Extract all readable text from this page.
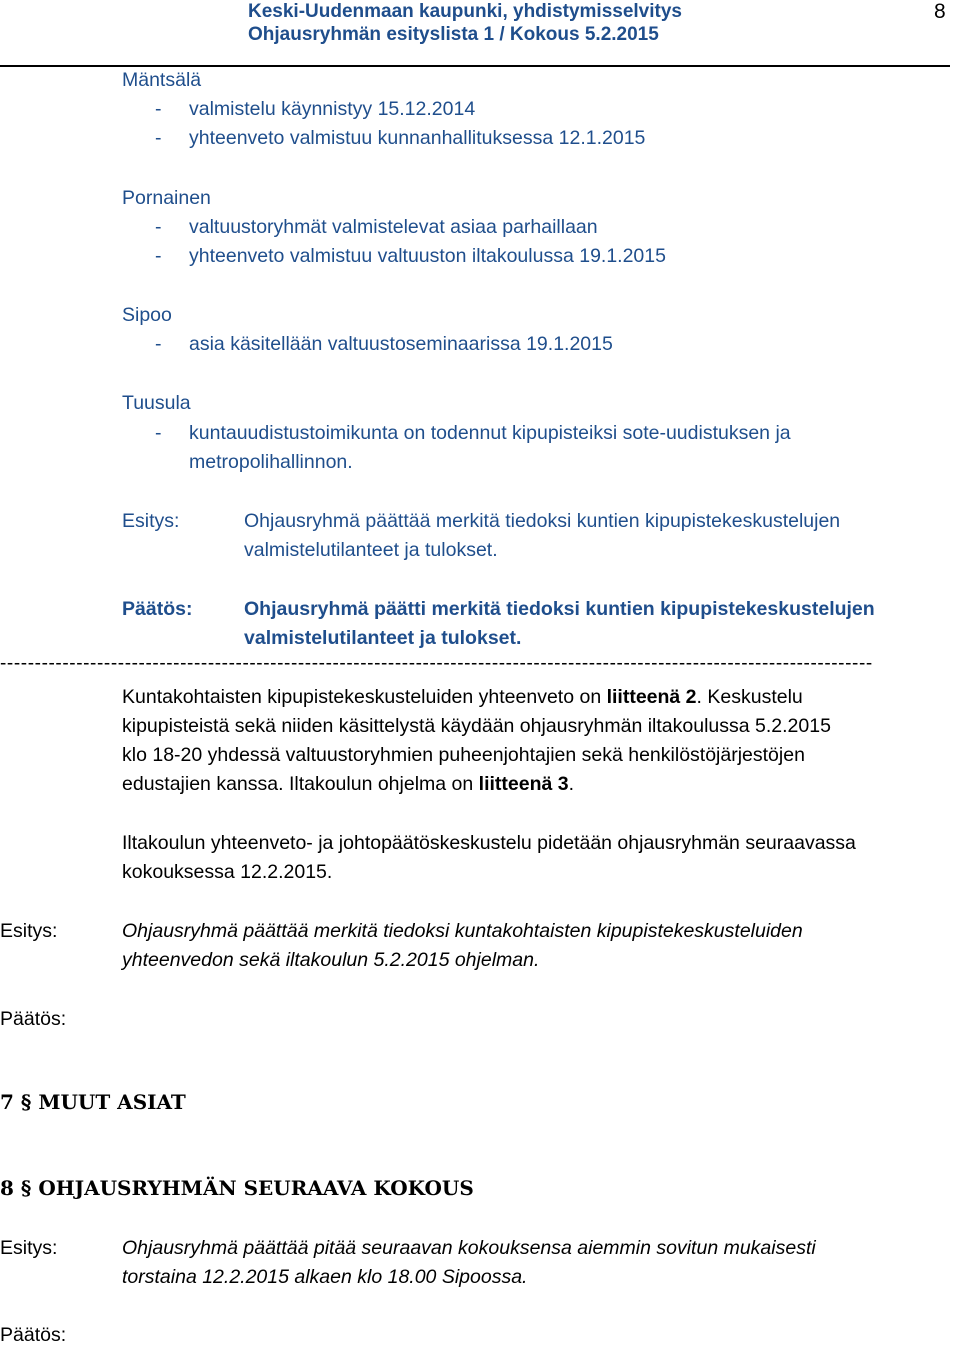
Keski-Uudenmaan kaupunki, yhdistymisselvitys
Ohjausryhmän esityslista 1 / Kokous 5.2.2015
8
Mäntsälä
- valmistelu käynnistyy 15.12.2014
- yhteenveto valmistuu kunnanhallituksessa 12.1.2015
Pornainen
- valtuustoryhmät valmistelevat asiaa parhaillaan
- yhteenveto valmistuu valtuuston iltakoulussa 19.1.2015
Sipoo
- asia käsitellään valtuustoseminaarissa 19.1.2015
Tuusula
- kuntauudistustoimikunta on todennut kipupisteiksi sote-uudistuksen ja
metropolihallinnon.
Esitys:	Ohjausryhmä päättää merkitä tiedoksi kuntien kipupistekeskustelujen
valmistelutilanteet ja tulokset.
Päätös:	Ohjausryhmä päätti merkitä tiedoksi kuntien kipupistekeskustelujen
valmistelutilanteet ja tulokset.
------------------------------------------------------------------------------------------------------------------------------
Kuntakohtaisten kipupistekeskusteluiden yhteenveto on liitteenä 2. Keskustelu
kipupisteistä sekä niiden käsittelystä käydään ohjausryhmän iltakoulussa 5.2.2015
klo 18-20 yhdessä valtuustoryhmien puheenjohtajien sekä henkilöstöjärjestöjen
edustajien kanssa. Iltakoulun ohjelma on liitteenä 3.
Iltakoulun yhteenveto- ja johtopäätöskeskustelu pidetään ohjausryhmän seuraavassa
kokouksessa 12.2.2015.
Esitys:	Ohjausryhmä päättää merkitä tiedoksi kuntakohtaisten kipupistekeskusteluiden
yhteenvedon sekä iltakoulun 5.2.2015 ohjelman.
Päätös:
7 § MUUT ASIAT
8 § OHJAUSRYHMÄN SEURAAVA KOKOUS
Esitys:	Ohjausryhmä päättää pitää seuraavan kokouksensa aiemmin sovitun mukaisesti
torstaina 12.2.2015 alkaen klo 18.00 Sipoossa.
Päätös:
